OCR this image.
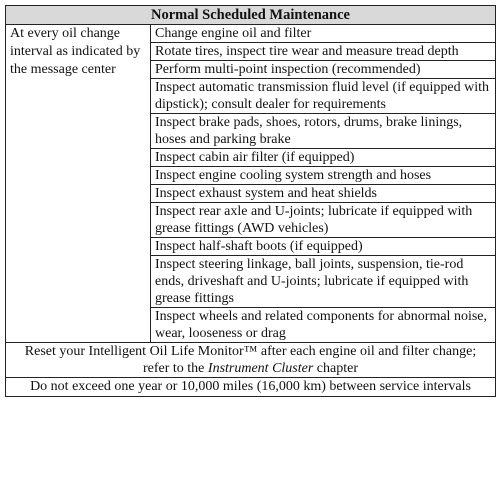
Normal Scheduled Maintenance
At every oil change interval as indicated by the message center	Change engine oil and filter
Rotate tires, inspect tire wear and measure tread depth
Perform multi-point inspection (recommended)
Inspect automatic transmission fluid level (if equipped with dipstick); consult dealer for requirements
Inspect brake pads, shoes, rotors, drums, brake linings, hoses and parking brake
Inspect cabin air filter (if equipped)
Inspect engine cooling system strength and hoses
Inspect exhaust system and heat shields
Inspect rear axle and U-joints; lubricate if equipped with grease fittings (AWD vehicles)
Inspect half-shaft boots (if equipped)
Inspect steering linkage, ball joints, suspension, tie-rod ends, driveshaft and U-joints; lubricate if equipped with grease fittings
Inspect wheels and related components for abnormal noise, wear, looseness or drag
Reset your Intelligent Oil Life Monitor™ after each engine oil and filter change; refer to the Instrument Cluster chapter
Do not exceed one year or 10,000 miles (16,000 km) between service intervals
